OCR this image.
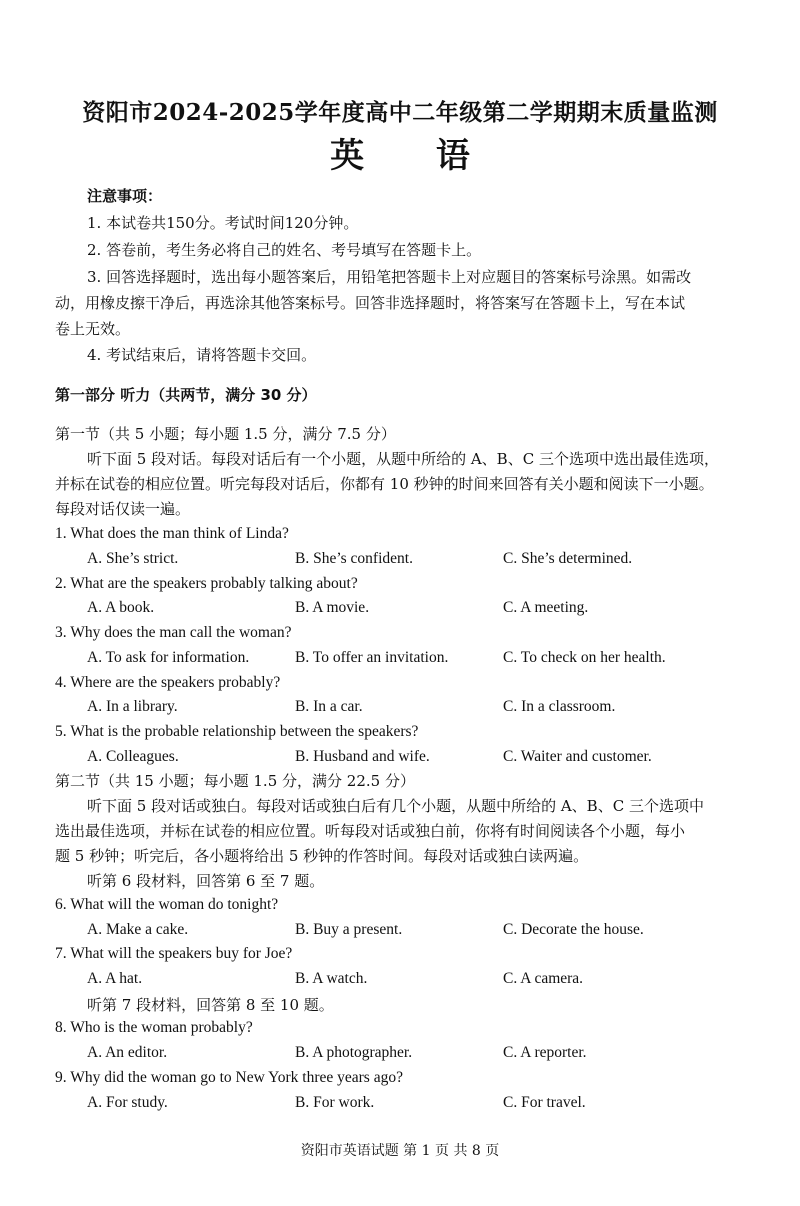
资阳市2024-2025学年度高中二年级第二学期期末质量监测
英 语
注意事项：
1. 本试卷共150分。考试时间120分钟。
2. 答卷前，考生务必将自己的姓名、考号填写在答题卡上。
3. 回答选择题时，选出每小题答案后，用铅笔把答题卡上对应题目的答案标号涂黑。如需改
动，用橡皮擦干净后，再选涂其他答案标号。回答非选择题时，将答案写在答题卡上，写在本试
卷上无效。
4. 考试结束后，请将答题卡交回。
第一部分 听力（共两节，满分 30 分）
第一节（共 5 小题；每小题 1.5 分，满分 7.5 分）
听下面 5 段对话。每段对话后有一个小题，从题中所给的 A、B、C 三个选项中选出最佳选项，
并标在试卷的相应位置。听完每段对话后，你都有 10 秒钟的时间来回答有关小题和阅读下一小题。
每段对话仅读一遍。
1. What does the man think of Linda?
A. She’s strict.	B. She’s confident.	C. She’s determined.
2. What are the speakers probably talking about?
A. A book.	B. A movie.	C. A meeting.
3. Why does the man call the woman?
A. To ask for information.	B. To offer an invitation.	C. To check on her health.
4. Where are the speakers probably?
A. In a library.	B. In a car.	C. In a classroom.
5. What is the probable relationship between the speakers?
A. Colleagues.	B. Husband and wife.	C. Waiter and customer.
第二节（共 15 小题；每小题 1.5 分，满分 22.5 分）
听下面 5 段对话或独白。每段对话或独白后有几个小题，从题中所给的 A、B、C 三个选项中
选出最佳选项，并标在试卷的相应位置。听每段对话或独白前，你将有时间阅读各个小题，每小
题 5 秒钟；听完后，各小题将给出 5 秒钟的作答时间。每段对话或独白读两遍。
听第 6 段材料，回答第 6 至 7 题。
6. What will the woman do tonight?
A. Make a cake.	B. Buy a present.	C. Decorate the house.
7. What will the speakers buy for Joe?
A. A hat.	B. A watch.	C. A camera.
听第 7 段材料，回答第 8 至 10 题。
8. Who is the woman probably?
A. An editor.	B. A photographer.	C. A reporter.
9. Why did the woman go to New York three years ago?
A. For study.	B. For work.	C. For travel.
资阳市英语试题 第 1 页 共 8 页
